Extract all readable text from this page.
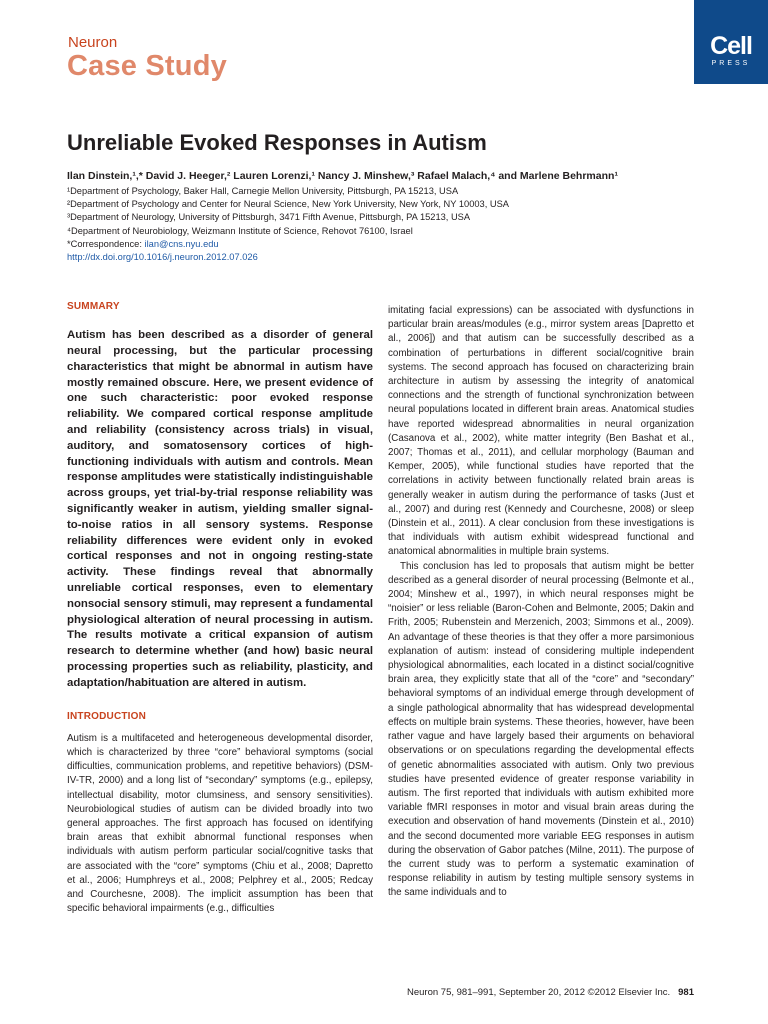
Neuron
Case Study
Cell
PRESS
Unreliable Evoked Responses in Autism
Ilan Dinstein,¹,* David J. Heeger,² Lauren Lorenzi,¹ Nancy J. Minshew,³ Rafael Malach,⁴ and Marlene Behrmann¹
¹Department of Psychology, Baker Hall, Carnegie Mellon University, Pittsburgh, PA 15213, USA
²Department of Psychology and Center for Neural Science, New York University, New York, NY 10003, USA
³Department of Neurology, University of Pittsburgh, 3471 Fifth Avenue, Pittsburgh, PA 15213, USA
⁴Department of Neurobiology, Weizmann Institute of Science, Rehovot 76100, Israel
*Correspondence: ilan@cns.nyu.edu
http://dx.doi.org/10.1016/j.neuron.2012.07.026

SUMMARY

Autism has been described as a disorder of general neural processing, but the particular processing characteristics that might be abnormal in autism have mostly remained obscure. Here, we present evidence of one such characteristic: poor evoked response reliability. We compared cortical response amplitude and reliability (consistency across trials) in visual, auditory, and somatosensory cortices of high-functioning individuals with autism and controls. Mean response amplitudes were statistically indistinguishable across groups, yet trial-by-trial response reliability was significantly weaker in autism, yielding smaller signal-to-noise ratios in all sensory systems. Response reliability differences were evident only in evoked cortical responses and not in ongoing resting-state activity. These findings reveal that abnormally unreliable cortical responses, even to elementary nonsocial sensory stimuli, may represent a fundamental physiological alteration of neural processing in autism. The results motivate a critical expansion of autism research to determine whether (and how) basic neural processing properties such as reliability, plasticity, and adaptation/habituation are altered in autism.

INTRODUCTION

Autism is a multifaceted and heterogeneous developmental disorder, which is characterized by three “core” behavioral symptoms (social difficulties, communication problems, and repetitive behaviors) (DSM-IV-TR, 2000) and a long list of “secondary” symptoms (e.g., epilepsy, intellectual disability, motor clumsiness, and sensory sensitivities). Neurobiological studies of autism can be divided broadly into two general approaches. The first approach has focused on identifying brain areas that exhibit abnormal functional responses when individuals with autism perform particular social/cognitive tasks that are associated with the “core” symptoms (Chiu et al., 2008; Dapretto et al., 2006; Humphreys et al., 2008; Pelphrey et al., 2005; Redcay and Courchesne, 2008). The implicit assumption has been that specific behavioral impairments (e.g., difficulties

imitating facial expressions) can be associated with dysfunctions in particular brain areas/modules (e.g., mirror system areas [Dapretto et al., 2006]) and that autism can be successfully described as a combination of perturbations in different social/cognitive brain systems. The second approach has focused on characterizing brain architecture in autism by assessing the integrity of anatomical connections and the strength of functional synchronization between neural populations located in different brain areas. Anatomical studies have reported widespread abnormalities in neural organization (Casanova et al., 2002), white matter integrity (Ben Bashat et al., 2007; Thomas et al., 2011), and cellular morphology (Bauman and Kemper, 2005), while functional studies have reported that the correlations in activity between functionally related brain areas is generally weaker in autism during the performance of tasks (Just et al., 2007) and during rest (Kennedy and Courchesne, 2008) or sleep (Dinstein et al., 2011). A clear conclusion from these investigations is that individuals with autism exhibit widespread functional and anatomical abnormalities in multiple brain systems.

This conclusion has led to proposals that autism might be better described as a general disorder of neural processing (Belmonte et al., 2004; Minshew et al., 1997), in which neural responses might be “noisier” or less reliable (Baron-Cohen and Belmonte, 2005; Dakin and Frith, 2005; Rubenstein and Merzenich, 2003; Simmons et al., 2009). An advantage of these theories is that they offer a more parsimonious explanation of autism: instead of considering multiple independent physiological abnormalities, each located in a distinct social/cognitive brain area, they explicitly state that all of the “core” and “secondary” behavioral symptoms of an individual emerge through development of a single pathological abnormality that has widespread developmental effects on multiple brain systems. These theories, however, have been rather vague and have largely based their arguments on behavioral observations or on speculations regarding the developmental effects of genetic abnormalities associated with autism. Only two previous studies have presented evidence of greater response variability in autism. The first reported that individuals with autism exhibited more variable fMRI responses in motor and visual brain areas during the execution and observation of hand movements (Dinstein et al., 2010) and the second documented more variable EEG responses in autism during the observation of Gabor patches (Milne, 2011). The purpose of the current study was to perform a systematic examination of response reliability in autism by testing multiple sensory systems in the same individuals and to

Neuron 75, 981–991, September 20, 2012 ©2012 Elsevier Inc. 981
